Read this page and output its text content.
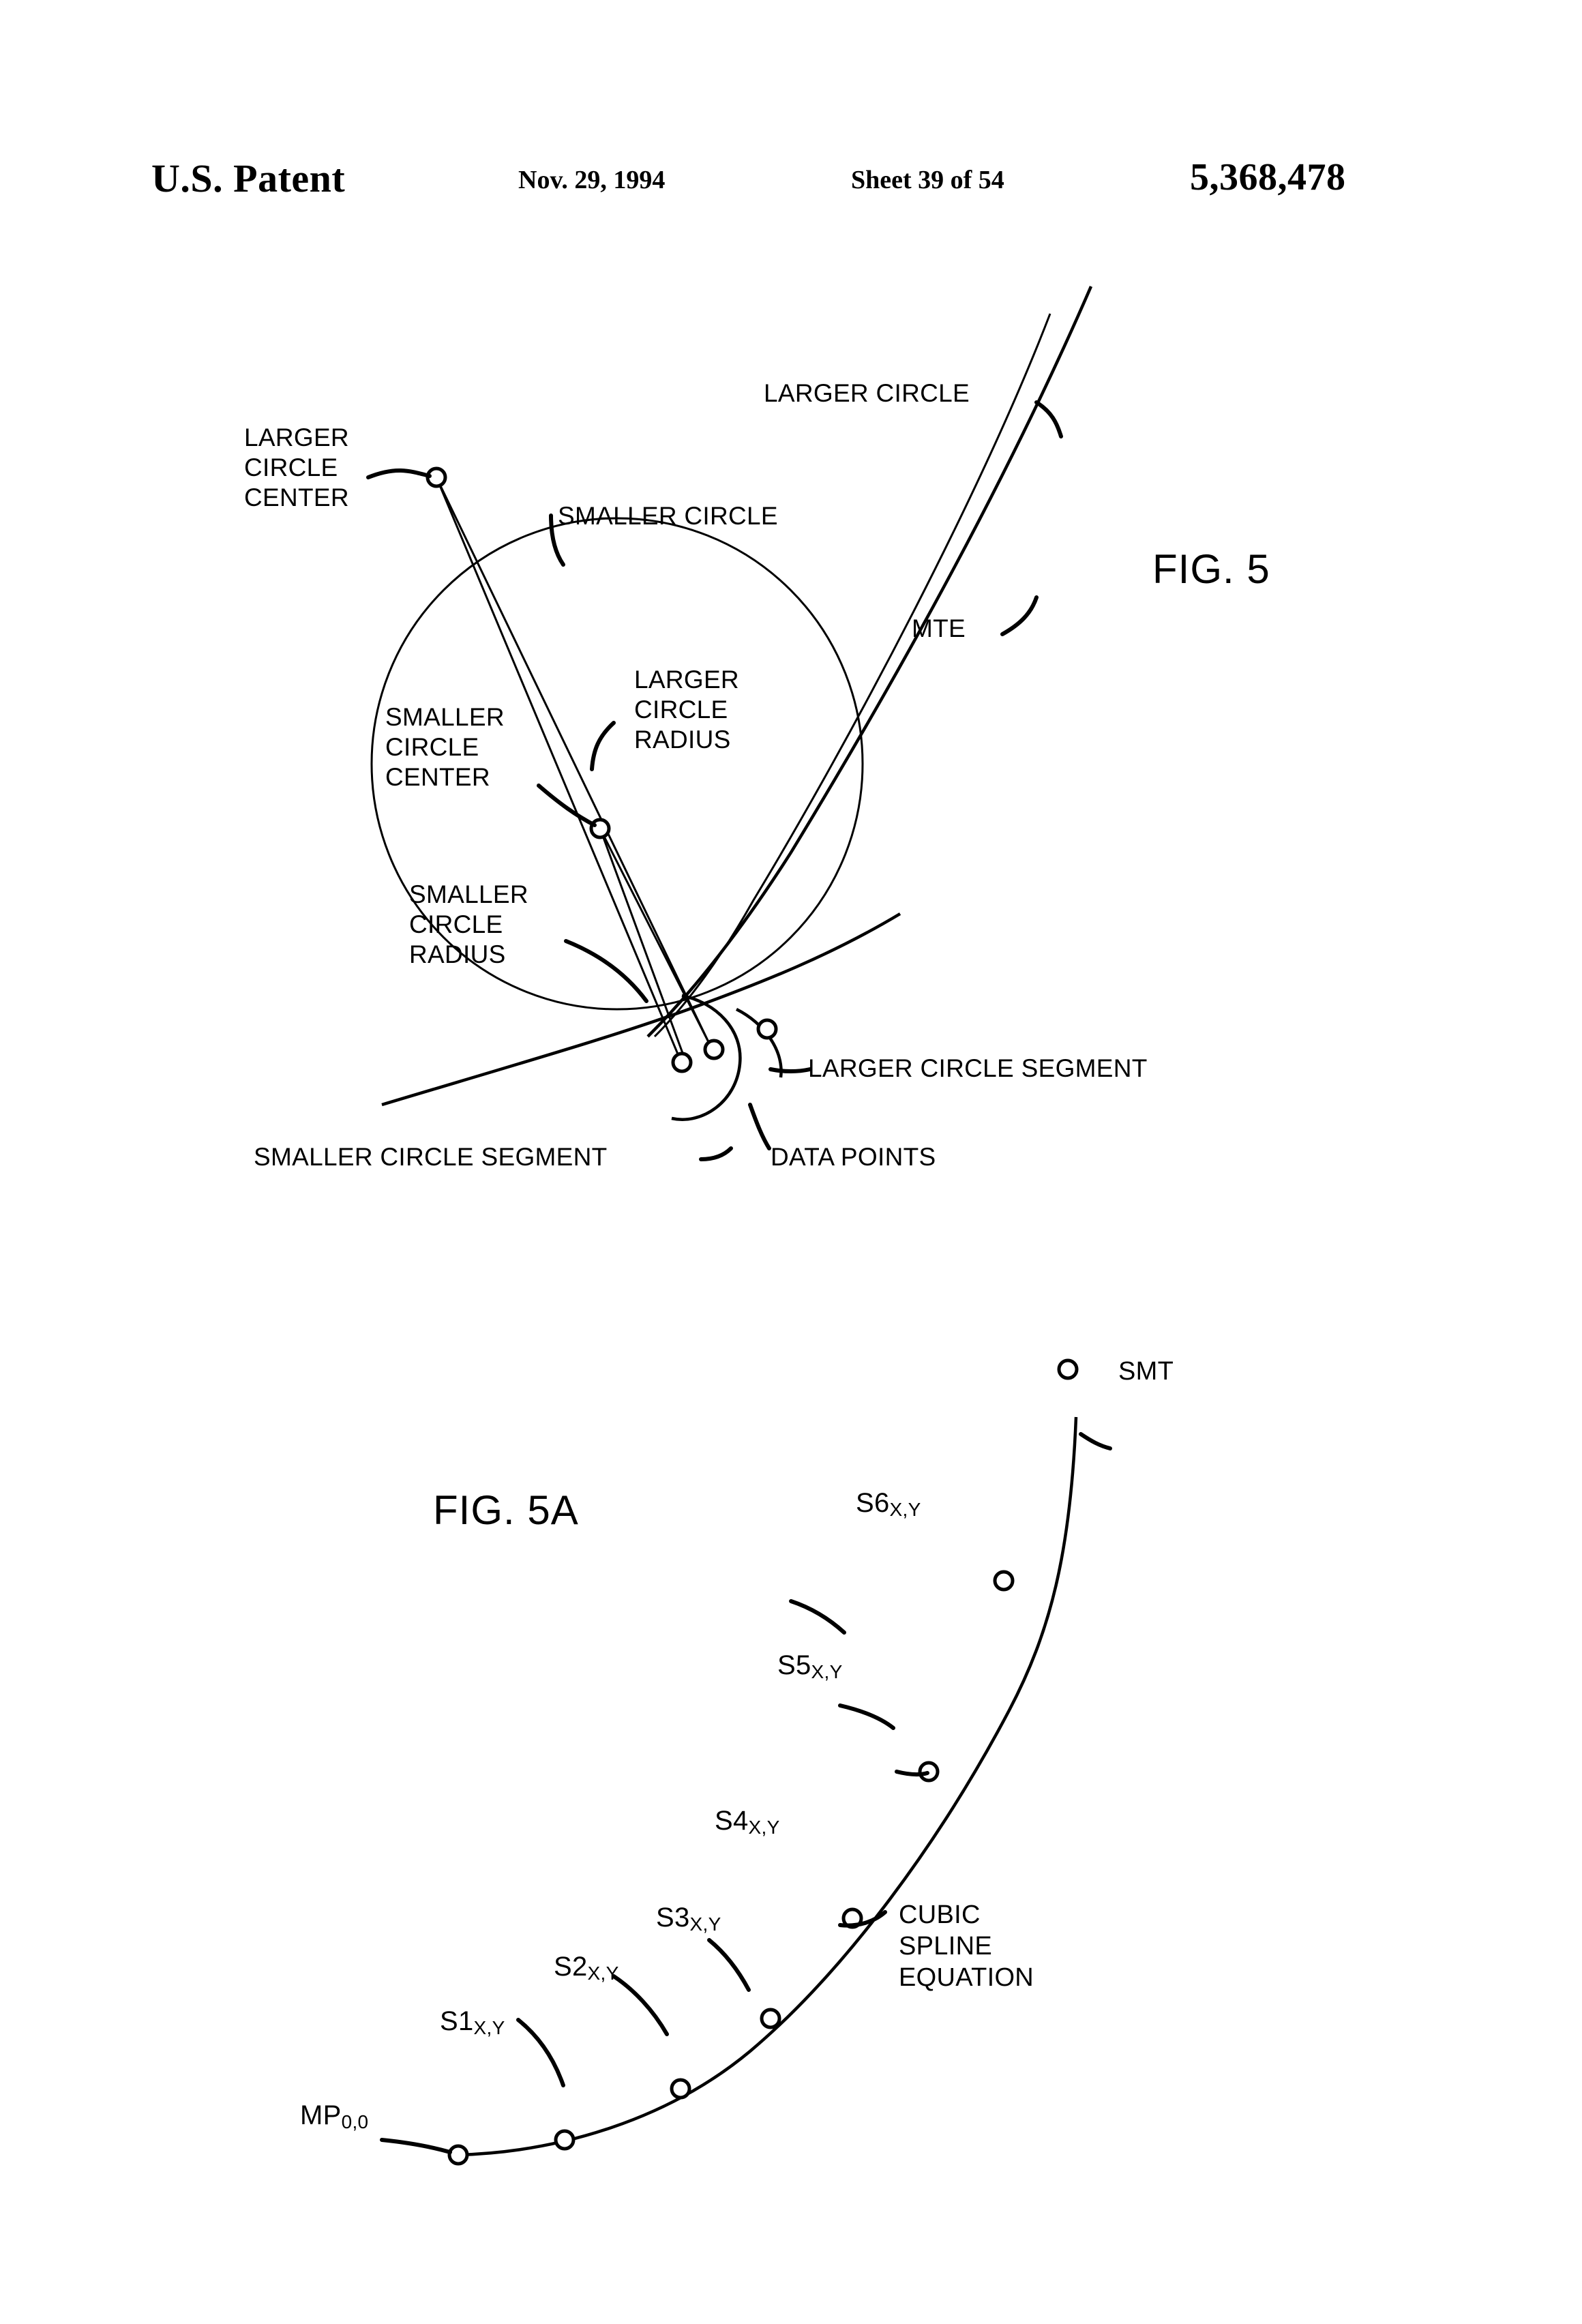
U.S. Patent	Nov. 29, 1994	Sheet 39 of 54	5,368,478
FIG. 5
LARGER
CIRCLE
CENTER
SMALLER CIRCLE
LARGER CIRCLE
MTE
LARGER
CIRCLE
RADIUS
SMALLER
CIRCLE
CENTER
SMALLER
CIRCLE
RADIUS
LARGER CIRCLE SEGMENT
SMALLER CIRCLE SEGMENT	DATA POINTS
FIG. 5A
SMT
CUBIC
SPLINE
EQUATION
$S6_{X,Y}$
$S5_{X,Y}$
$S4_{X,Y}$
$S3_{X,Y}$
$S2_{X,Y}$
$S1_{X,Y}$
$MP_{0,0}$
